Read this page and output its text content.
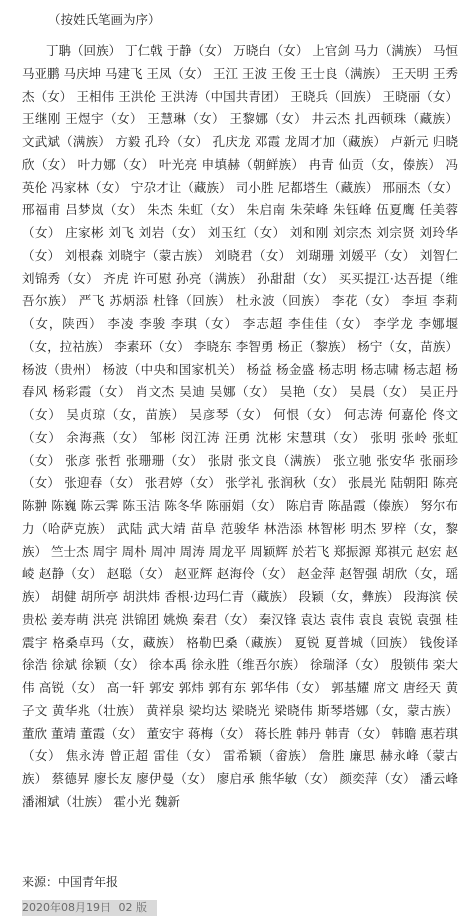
（按姓氏笔画为序）
丁聃（回族） 丁仁戟 于静（女） 万晓白（女） 上官剑 马力（满族） 马恒 马亚鹏 马庆坤 马建飞 王凤（女） 王江 王波 王俊 王士良（满族） 王天明 王秀杰（女） 王相伟 王洪伦 王洪涛（中国共青团） 王晓兵（回族） 王晓丽（女） 王继刚 王煜宇（女） 王慧琳（女） 王黎娜（女） 井云杰 扎西顿珠（藏族） 文武斌（满族） 方毅 孔玲（女） 孔庆龙 邓霞 龙周才加（藏族） 卢新元 归晓欣（女） 叶力娜（女） 叶光亮 申填赫（朝鲜族） 冉青 仙贡（女，傣族） 冯英伦 冯家林（女） 宁尕才让（藏族） 司小胜 尼都塔生（藏族） 邢丽杰（女） 邢福甫 吕梦岚（女） 朱杰 朱虹（女） 朱启南 朱荣峰 朱钰峰 伍夏鹰 任美蓉（女） 庄家彬 刘飞 刘岩（女） 刘玉红（女） 刘和刚 刘宗杰 刘宗贤 刘玲华（女） 刘根森 刘晓宇（蒙古族） 刘晓君（女） 刘瑚珊 刘媛平（女） 刘智仁 刘锦秀（女） 齐虎 许可慰 孙亮（满族） 孙甜甜（女） 买买提江·达吾提（维吾尔族） 严飞 苏炳添 杜锋（回族） 杜永波（回族） 李花（女） 李垣 李莉（女，陕西） 李凌 李骏 李琪（女） 李志超 李佳佳（女） 李学龙 李娜堰（女，拉祜族） 李素环（女） 李晓东 李智勇 杨正（黎族） 杨宁（女，苗族） 杨波（贵州） 杨波（中央和国家机关） 杨益 杨金盛 杨志明 杨志啸 杨志超 杨春风 杨彩霞（女） 肖文杰 吴迪 吴娜（女） 吴艳（女） 吴晨（女） 吴正丹（女） 吴贞琼（女，苗族） 吴彦琴（女） 何恨（女） 何志涛 何嘉伦 佟文（女） 余海燕（女） 邹彬 闵江涛 汪勇 沈彬 宋慧琪（女） 张明 张岭 张虹（女） 张彦 张哲 张珊珊（女） 张尉 张文良（满族） 张立驰 张安华 张丽珍（女） 张迎春（女） 张君婷（女） 张学礼 张润秋（女） 张晨光 陆朝阳 陈亮 陈翀 陈巍 陈云霁 陈玉洁 陈冬华 陈丽娟（女） 陈启青 陈晶霞（傣族） 努尔布力（哈萨克族） 武陆 武大靖 苗阜 范骏华 林浩添 林智彬 明杰 罗梓（女，黎族） 竺士杰 周宇 周朴 周冲 周涛 周龙平 周颖辉 於若飞 郑振源 郑祺元 赵宏 赵崚 赵静（女） 赵聪（女） 赵亚辉 赵海伶（女） 赵金萍 赵智强 胡欣（女，瑶族） 胡健 胡所亭 胡洪炜 香根·边玛仁青（藏族） 段颖（女，彝族） 段海滨 侯贵松 姜寿萌 洪亮 洪锦团 姚焕 秦君（女） 秦汉锋 袁达 袁伟 袁良 袁锐 袁强 桂震宇 格桑卓玛（女，藏族） 格勒巴桑（藏族） 夏锐 夏普城（回族） 钱俊译 徐浩 徐斌 徐颖（女） 徐本禹 徐永胜（维吾尔族） 徐瑞泽（女） 殷锁伟 栾大伟 高锐（女） 高一轩 郭安 郭炜 郭有东 郭华伟（女） 郭基耀 席文 唐经天 黄子文 黄华兆（壮族） 黄祥泉 梁均达 梁晓光 梁晓伟 斯琴塔娜（女，蒙古族） 董欣 董靖 董霞（女） 董安宇 蒋梅（女） 蒋长胜 韩丹 韩青（女） 韩瞻 惠若琪（女） 焦永涛 曾正超 雷佳（女） 雷希颖（畲族） 詹胜 廉思 赫永峰（蒙古族） 蔡德昇 廖长友 廖伊曼（女） 廖启承 熊华敏（女） 颜奕萍（女） 潘云峰 潘湘斌（壮族） 霍小光 魏新
来源：中国青年报
2020年08月19日 02 版
